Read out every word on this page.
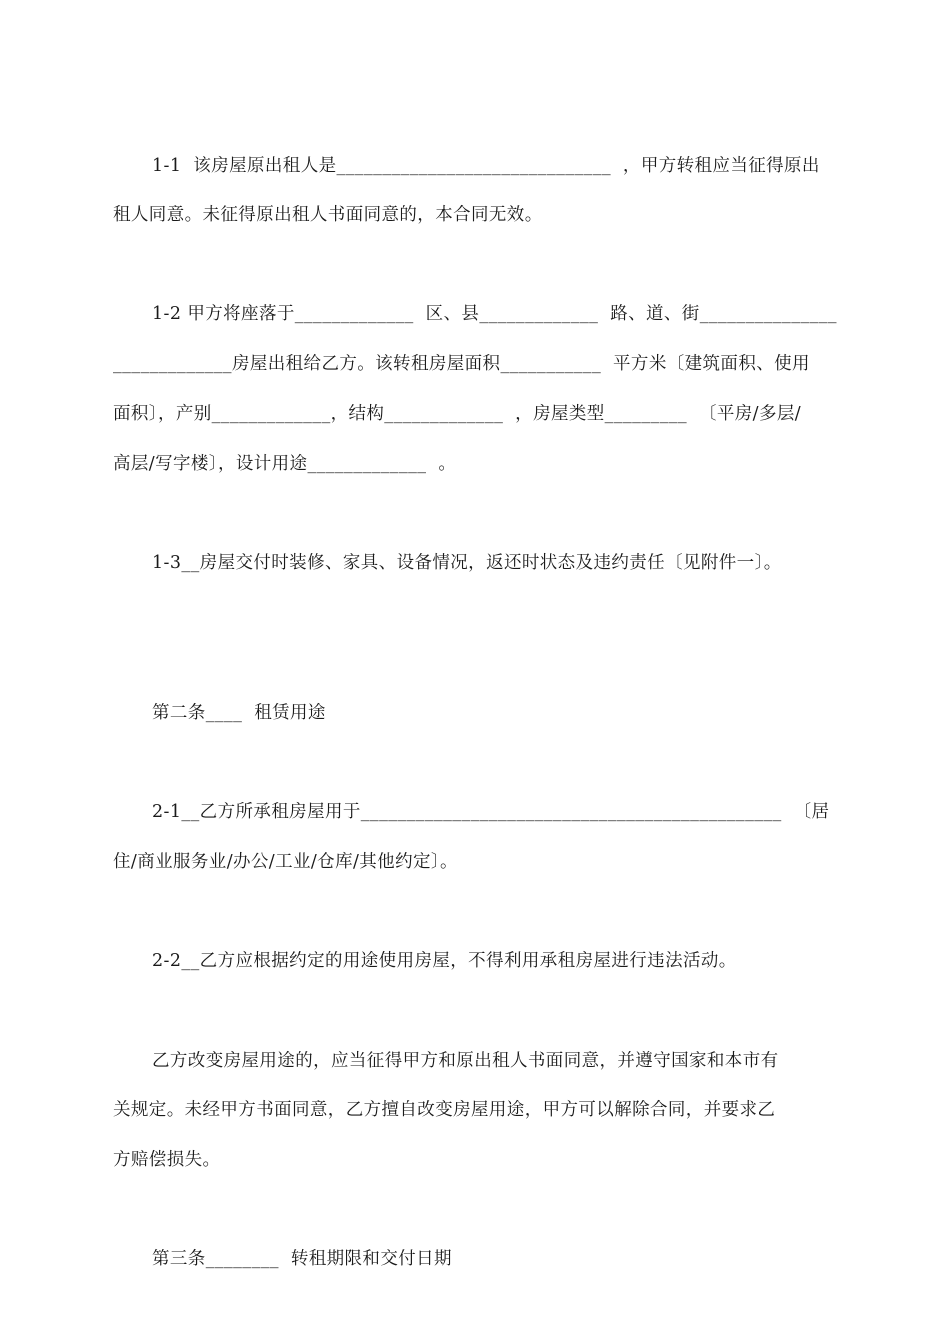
1-1  该房屋原出租人是______________________________  ，甲方转租应当征得原出
租人同意。未征得原出租人书面同意的，本合同无效。
1-2 甲方将座落于_____________  区、县_____________  路、道、街_______________
_____________房屋出租给乙方。该转租房屋面积___________  平方米〔建筑面积、使用
面积〕，产别_____________，结构_____________  ，房屋类型_________  〔平房/多层/
高层/写字楼〕，设计用途_____________  。
1-3__房屋交付时装修、家具、设备情况，返还时状态及违约责任〔见附件一〕。
第二条____  租赁用途
2-1__乙方所承租房屋用于______________________________________________  〔居
住/商业服务业/办公/工业/仓库/其他约定〕。
2-2__乙方应根据约定的用途使用房屋，不得利用承租房屋进行违法活动。
乙方改变房屋用途的，应当征得甲方和原出租人书面同意，并遵守国家和本市有
关规定。未经甲方书面同意，乙方擅自改变房屋用途，甲方可以解除合同，并要求乙
方赔偿损失。
第三条________  转租期限和交付日期
